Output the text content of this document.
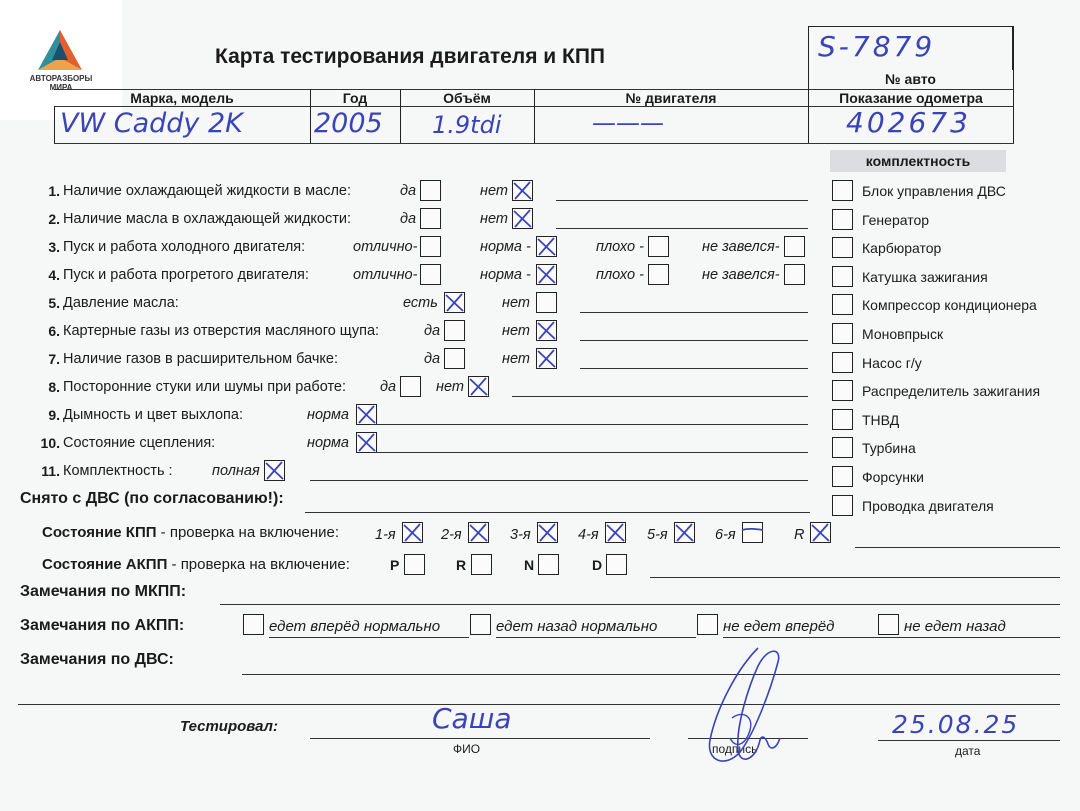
АВТОРАЗБОРЫ
МИРА
Карта тестирования двигателя и КПП	S-7879
№ авто
Марка, модель	Год	Объём	№ двигателя	Показание одометра
VW Caddy 2K	2005 1.9tdi	———	402673
комплектность
Блок управления ДВС
Генератор
Карбюратор
Катушка зажигания
Компрессор кондиционера
Моновпрыск
Насос г/у
Распределитель зажигания
ТНВД
Турбина
Форсунки
Проводка двигателя
1. Наличие охлаждающей жидкости в масле:	да	нет
2. Наличие масла в охлаждающей жидкости:	да	нет
3. Пуск и работа холодного двигателя:	отлично-	норма -	плохо -	не завелся-
4. Пуск и работа прогретого двигателя:	отлично-	норма -	плохо -	не завелся-
5. Давление масла:	есть	нет
6. Картерные газы из отверстия масляного щупа:	да	нет
7. Наличие газов в расширительном бачке:	да	нет
8. Посторонние стуки или шумы при работе: да	нет
9. Дымность и цвет выхлопа:	норма
10. Состояние сцепления:	норма
11. Комплектность :	полная
Снято с ДВС (по согласованию!):
Состояние КПП - проверка на включение: 1-я	2-я	3-я	4-я	5-я	6-я	R
Состояние АКПП - проверка на включение:	P	R	N	D
Замечания по МКПП:
Замечания по АКПП:	едет вперёд нормально	едет назад нормально	не едет вперёд	не едет назад
Замечания по ДВС:
Тестировал:	Саша
ФИО	подпись
25.08.25
дата
